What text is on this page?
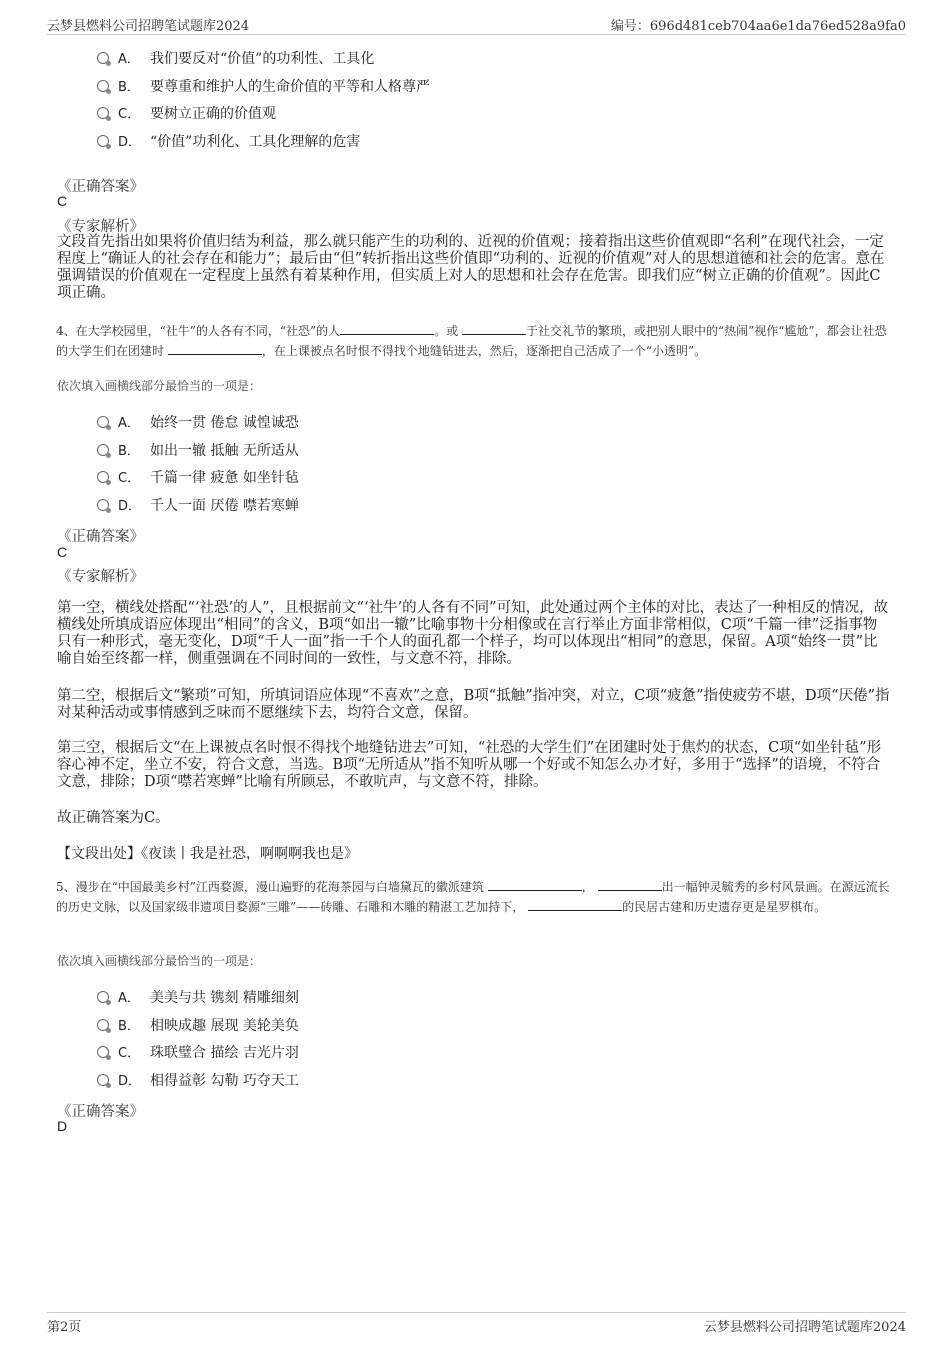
云梦县燃料公司招聘笔试题库2024	编号：696d481ceb704aa6e1da76ed528a9fa0
A． 我们要反对“价值”的功利性、工具化
B． 要尊重和维护人的生命价值的平等和人格尊严
C． 要树立正确的价值观
D． “价值”功利化、工具化理解的危害
《正确答案》
C
《专家解析》
文段首先指出如果将价值归结为利益，那么就只能产生的功利的、近视的价值观；接着指出这些价值观即“名利”在现代社会，一定程度上“确证人的社会存在和能力”；最后由“但”转折指出这些价值即“功利的、近视的价值观”对人的思想道德和社会的危害。意在强调错误的价值观在一定程度上虽然有着某种作用，但实质上对人的思想和社会存在危害。即我们应“树立正确的价值观”。因此C项正确。
4、在大学校园里，“社牛”的人各有不同，“社恐”的人	。或	于社交礼节的繁琐，或把别人眼中的“热闹”视作“尴尬”，都会让社恐的大学生们在团建时	，在上课被点名时恨不得找个地缝钻进去，然后，逐渐把自己活成了一个“小透明”。
依次填入画横线部分最恰当的一项是：
A． 始终一贯 倦怠 诚惶诚恐
B． 如出一辙 抵触 无所适从
C． 千篇一律 疲惫 如坐针毡
D． 千人一面 厌倦 噤若寒蝉
《正确答案》
C
《专家解析》
第一空，横线处搭配“‘社恐’的人”，且根据前文“‘社牛’的人各有不同”可知，此处通过两个主体的对比，表达了一种相反的情况，故横线处所填成语应体现出“相同”的含义，B项“如出一辙”比喻事物十分相像或在言行举止方面非常相似，C项“千篇一律”泛指事物只有一种形式，毫无变化，D项“千人一面”指一千个人的面孔都一个样子，均可以体现出“相同”的意思，保留。A项“始终一贯”比喻自始至终都一样，侧重强调在不同时间的一致性，与文意不符，排除。
第二空，根据后文“繁琐”可知，所填词语应体现“不喜欢”之意，B项“抵触”指冲突，对立，C项“疲惫”指使疲劳不堪，D项“厌倦”指对某种活动或事情感到乏味而不愿继续下去，均符合文意，保留。
第三空，根据后文“在上课被点名时恨不得找个地缝钻进去”可知，“社恐的大学生们”在团建时处于焦灼的状态，C项“如坐针毡”形容心神不定，坐立不安，符合文意，当选。B项“无所适从”指不知听从哪一个好或不知怎么办才好，多用于“选择”的语境，不符合文意，排除；D项“噤若寒蝉”比喻有所顾忌，不敢吭声，与文意不符，排除。
故正确答案为C。
【文段出处】《夜读丨我是社恐，啊啊啊我也是》
5、漫步在“中国最美乡村”江西婺源，漫山遍野的花海茶园与白墙黛瓦的徽派建筑	，	出一幅钟灵毓秀的乡村风景画。在源远流长的历史文脉，以及国家级非遗项目婺源“三雕”——砖雕、石雕和木雕的精湛工艺加持下，	的民居古建和历史遗存更是星罗棋布。
依次填入画横线部分最恰当的一项是：
A． 美美与共 镌刻 精雕细刻
B． 相映成趣 展现 美轮美奂
C． 珠联璧合 描绘 吉光片羽
D． 相得益彰 勾勒 巧夺天工
《正确答案》
D
第2页	云梦县燃料公司招聘笔试题库2024
